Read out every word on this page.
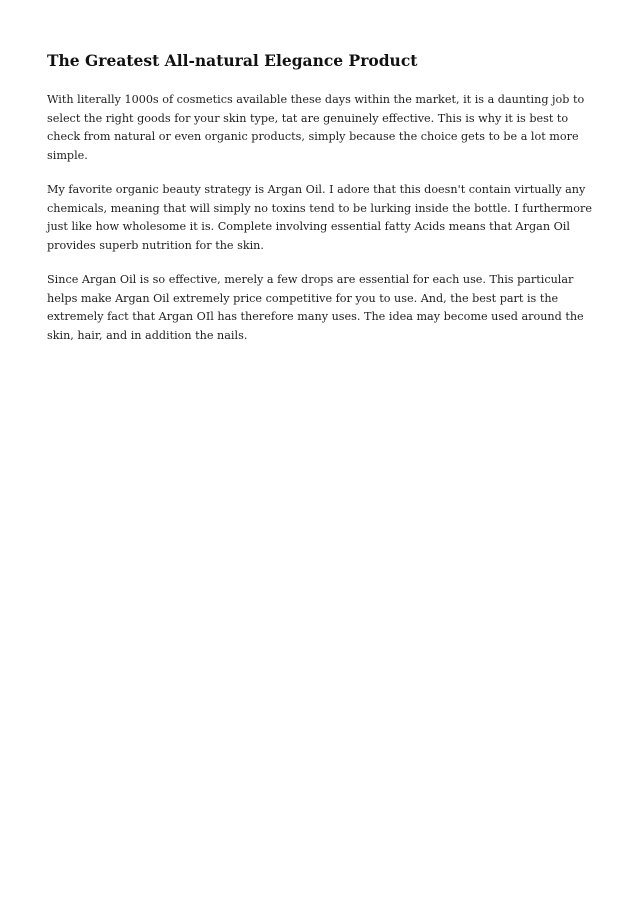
The Greatest All-natural Elegance Product

With literally 1000s of cosmetics available these days within the market, it is a daunting job to select the right goods for your skin type, tat are genuinely effective. This is why it is best to check from natural or even organic products, simply because the choice gets to be a lot more simple.

My favorite organic beauty strategy is Argan Oil. I adore that this doesn't contain virtually any chemicals, meaning that will simply no toxins tend to be lurking inside the bottle. I furthermore just like how wholesome it is. Complete involving essential fatty Acids means that Argan Oil provides superb nutrition for the skin.

Since Argan Oil is so effective, merely a few drops are essential for each use. This particular helps make Argan Oil extremely price competitive for you to use. And, the best part is the extremely fact that Argan OIl has therefore many uses. The idea may become used around the skin, hair, and in addition the nails.
